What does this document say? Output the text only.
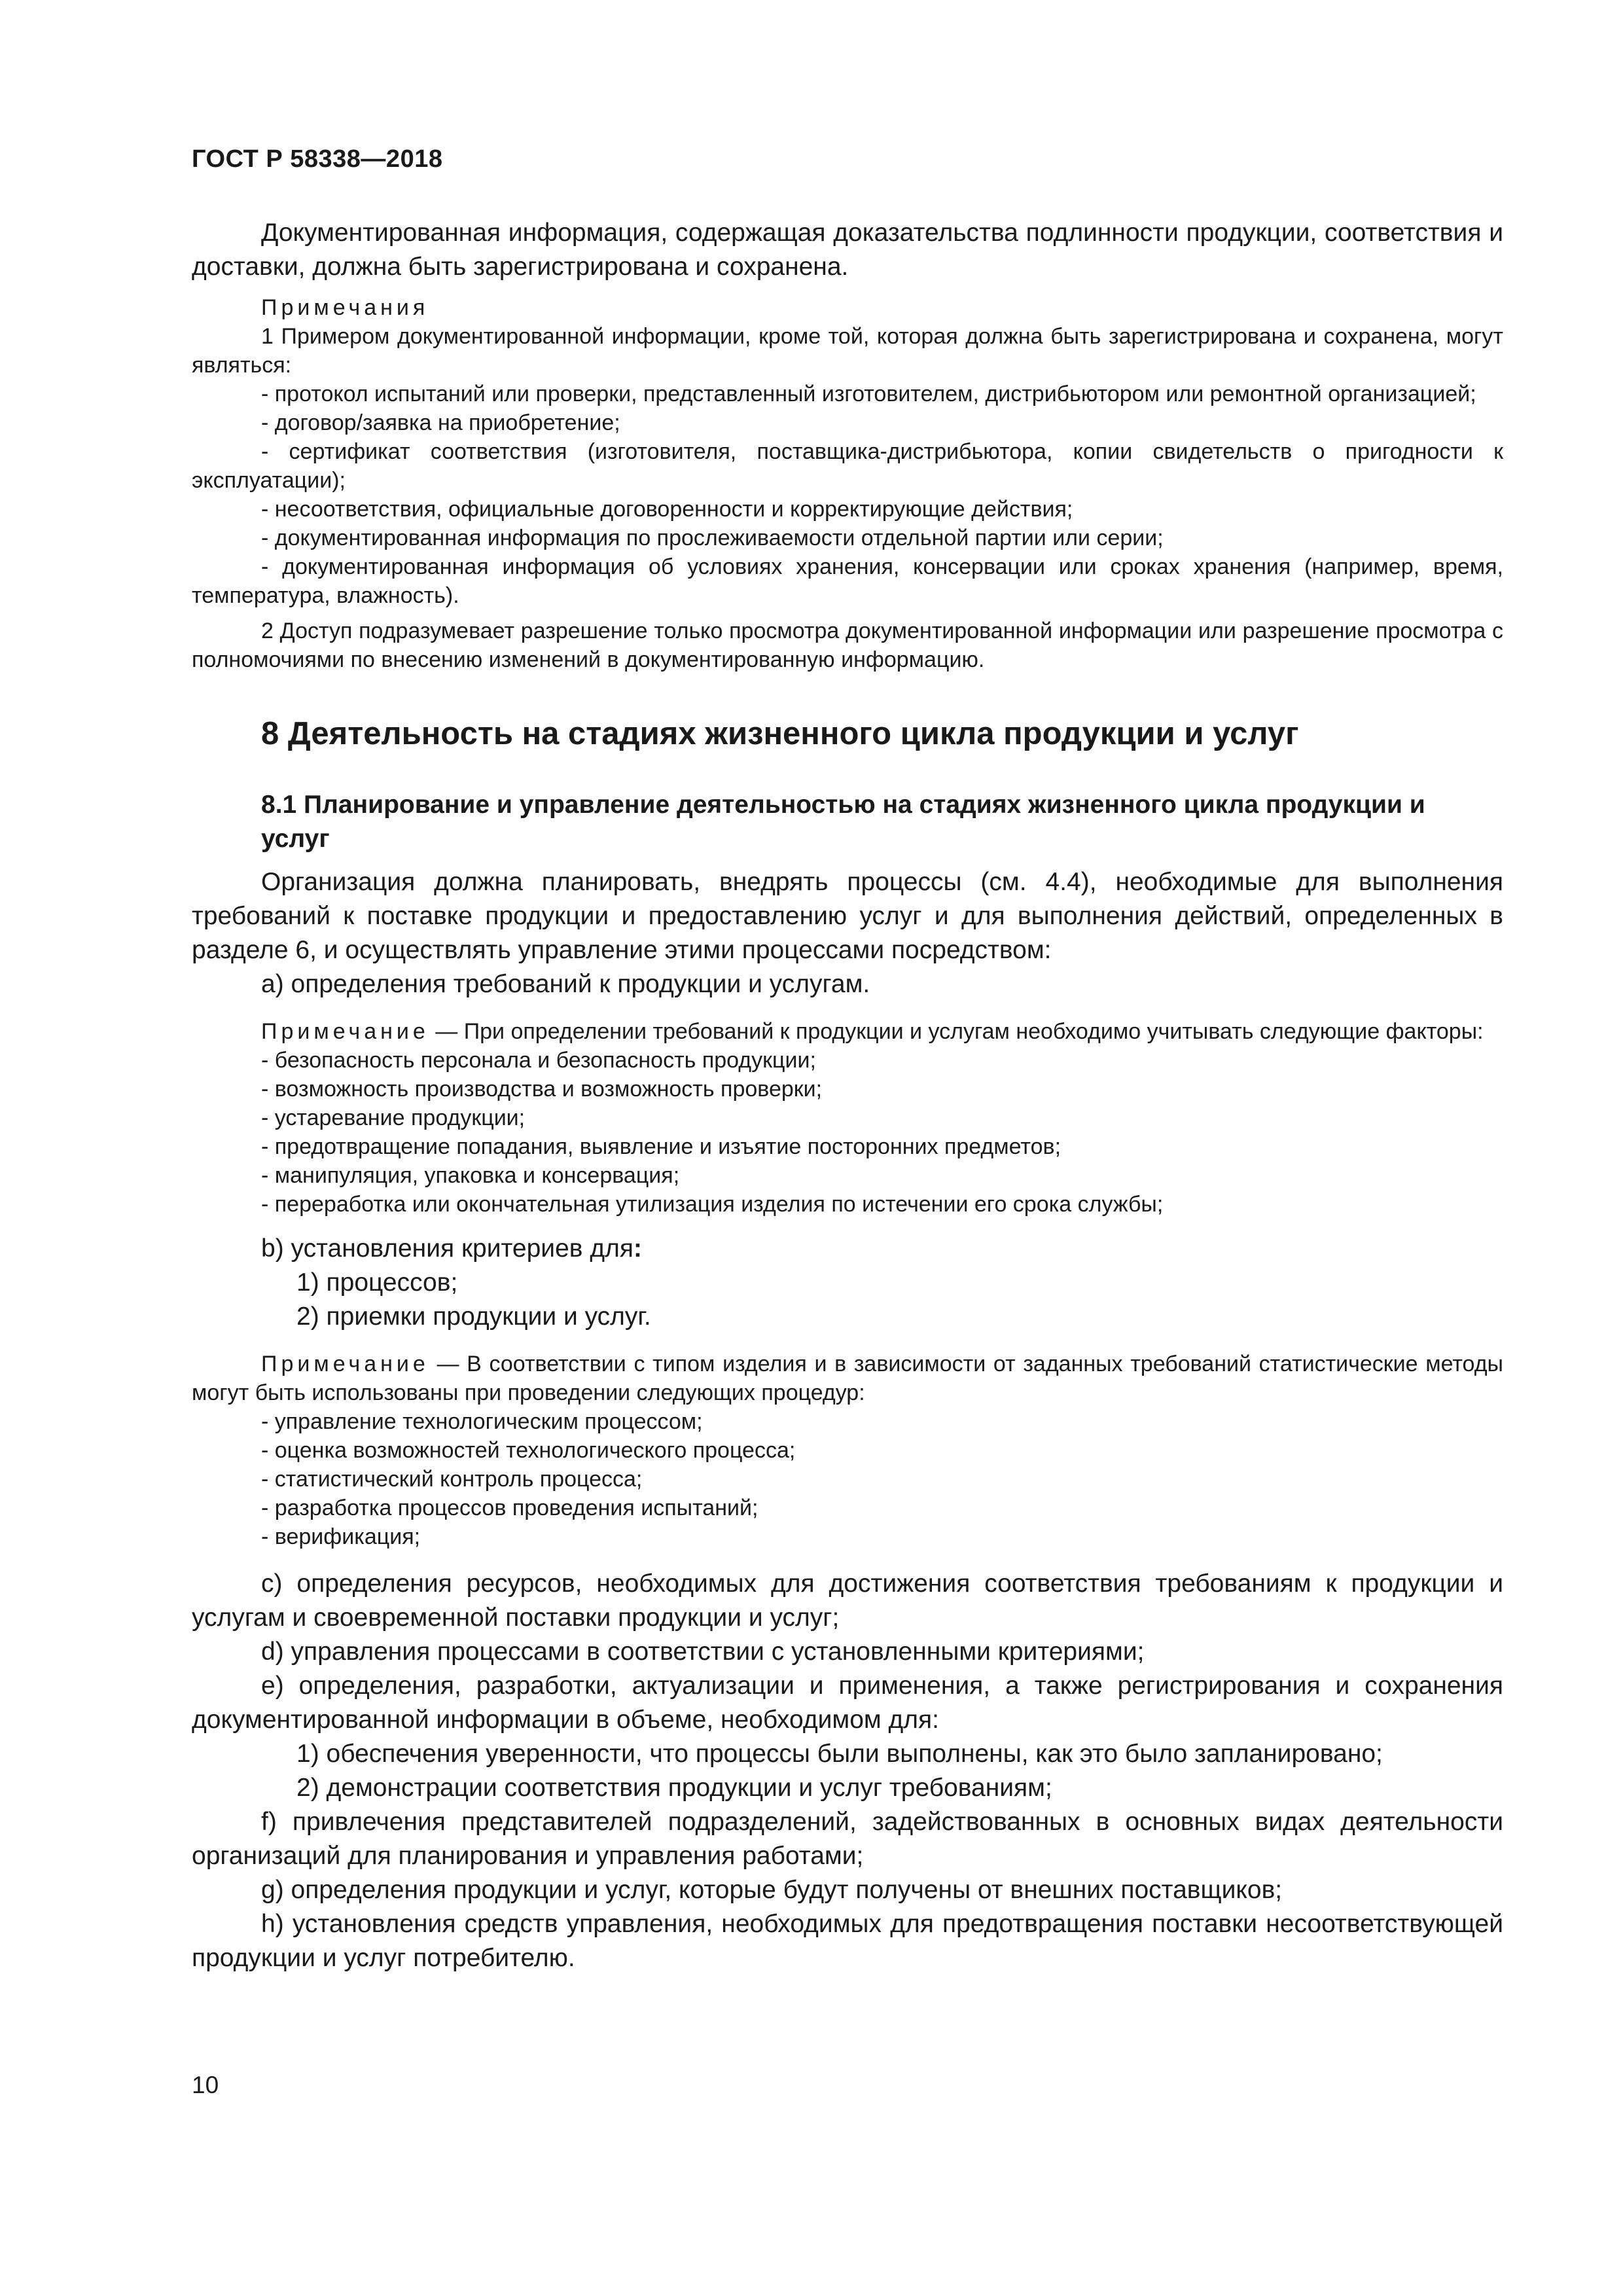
ГОСТ Р 58338—2018

Документированная информация, содержащая доказательства подлинности продукции, соответствия и доставки, должна быть зарегистрирована и сохранена.

Примечания

1 Примером документированной информации, кроме той, которая должна быть зарегистрирована и сохранена, могут являться:

- протокол испытаний или проверки, представленный изготовителем, дистрибьютором или ремонтной организацией;
- договор/заявка на приобретение;
- сертификат соответствия (изготовителя, поставщика-дистрибьютора, копии свидетельств о пригодности к эксплуатации);
- несоответствия, официальные договоренности и корректирующие действия;
- документированная информация по прослеживаемости отдельной партии или серии;
- документированная информация об условиях хранения, консервации или сроках хранения (например, время, температура, влажность).

2 Доступ подразумевает разрешение только просмотра документированной информации или разрешение просмотра с полномочиями по внесению изменений в документированную информацию.

8 Деятельность на стадиях жизненного цикла продукции и услуг
8.1 Планирование и управление деятельностью на стадиях жизненного цикла продукции и услуг

Организация должна планировать, внедрять процессы (см. 4.4), необходимые для выполнения требований к поставке продукции и предоставлению услуг и для выполнения действий, определенных в разделе 6, и осуществлять управление этими процессами посредством:

a) определения требований к продукции и услугам.

Примечание — При определении требований к продукции и услугам необходимо учитывать следующие факторы:

- безопасность персонала и безопасность продукции;
- возможность производства и возможность проверки;
- устаревание продукции;
- предотвращение попадания, выявление и изъятие посторонних предметов;
- манипуляция, упаковка и консервация;
- переработка или окончательная утилизация изделия по истечении его срока службы;
b) установления критериев для:
1) процессов;
2) приемки продукции и услуг.

Примечание — В соответствии с типом изделия и в зависимости от заданных требований статистические методы могут быть использованы при проведении следующих процедур:

- управление технологическим процессом;
- оценка возможностей технологического процесса;
- статистический контроль процесса;
- разработка процессов проведения испытаний;
- верификация;

c) определения ресурсов, необходимых для достижения соответствия требованиям к продукции и услугам и своевременной поставки продукции и услуг;

d) управления процессами в соответствии с установленными критериями;

e) определения, разработки, актуализации и применения, а также регистрирования и сохранения документированной информации в объеме, необходимом для:

1) обеспечения уверенности, что процессы были выполнены, как это было запланировано;
2) демонстрации соответствия продукции и услуг требованиям;

f) привлечения представителей подразделений, задействованных в основных видах деятельности организаций для планирования и управления работами;

g) определения продукции и услуг, которые будут получены от внешних поставщиков;

h) установления средств управления, необходимых для предотвращения поставки несоответствующей продукции и услуг потребителю.

10
